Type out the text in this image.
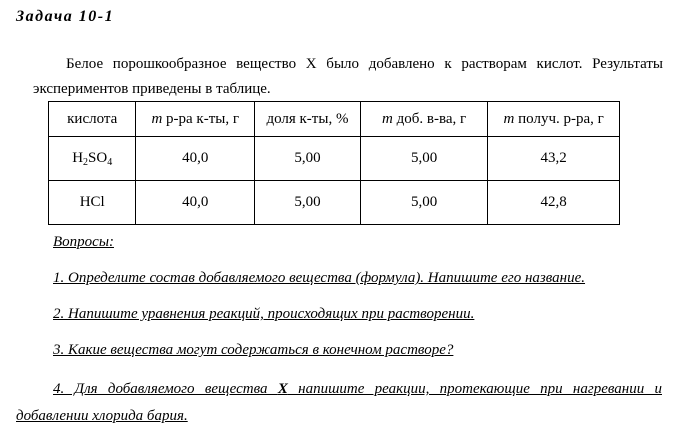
Задача 10-1
Белое порошкообразное вещество X было добавлено к растворам кислот. Результаты экспериментов приведены в таблице.
кислота	m р-ра к-ты, г	доля к-ты, %	m доб. в-ва, г	m получ. р-ра, г
$H_2SO_4$	40,0	5,00	5,00	43,2
HCl	40,0	5,00	5,00	42,8
Вопросы:
1. Определите состав добавляемого вещества (формула). Напишите его название.
2. Напишите уравнения реакций, происходящих при растворении.
3. Какие вещества могут содержаться в конечном растворе?
4. Для добавляемого вещества X напишите реакции, протекающие при нагревании и добавлении хлорида бария.
